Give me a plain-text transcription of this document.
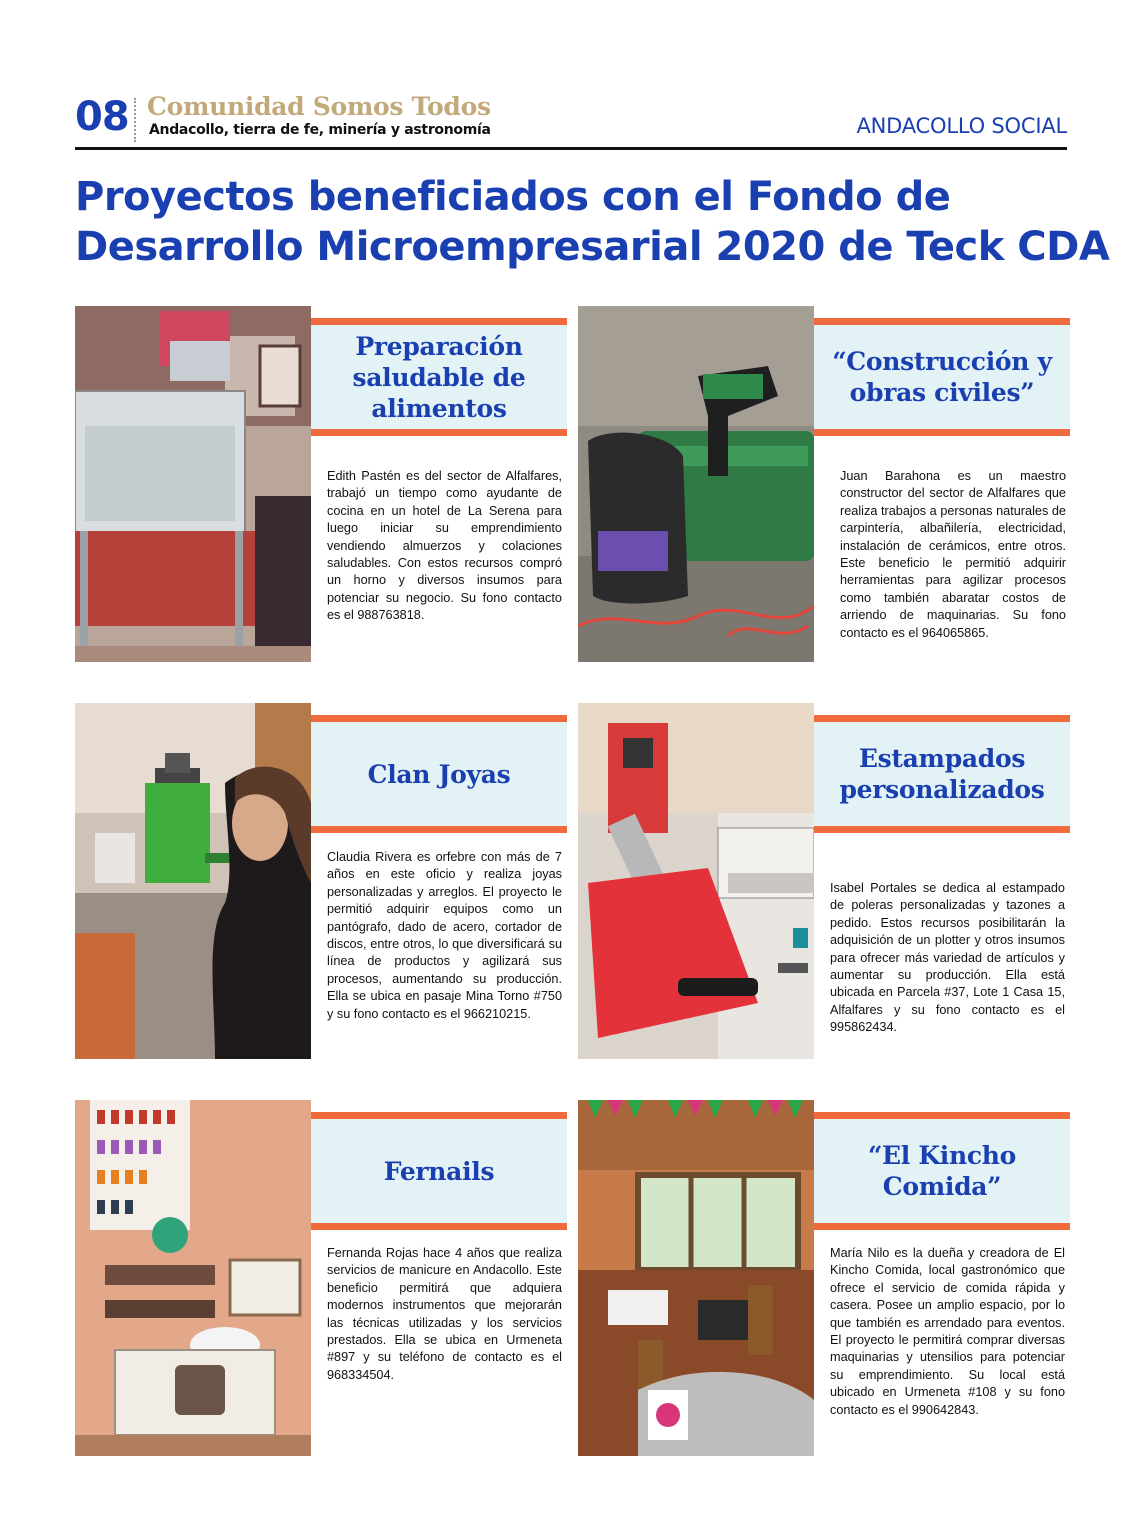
08 Comunidad Somos Todos
Andacollo, tierra de fe, minería y astronomía	ANDACOLLO SOCIAL
Proyectos beneficiados con el Fondo de
Desarrollo Microempresarial 2020 de Teck CDA
Preparación saludable de alimentos
Edith Pastén es del sector de Alfalfares, trabajó un tiempo como ayudante de cocina en un hotel de La Serena para luego iniciar su emprendimiento vendiendo almuerzos y colaciones saludables. Con estos recursos compró un horno y diversos insumos para potenciar su negocio. Su fono contacto es el 988763818.
“Construcción y obras civiles”
Juan Barahona es un maestro constructor del sector de Alfalfares que realiza trabajos a personas naturales de carpintería, albañilería, electricidad, instalación de cerámicos, entre otros. Este beneficio le permitió adquirir herramientas para agilizar procesos como también abaratar costos de arriendo de maquinarias. Su fono contacto es el 964065865.
Clan Joyas
Claudia Rivera es orfebre con más de 7 años en este oficio y realiza joyas personalizadas y arreglos. El proyecto le permitió adquirir equipos como un pantógrafo, dado de acero, cortador de discos, entre otros, lo que diversificará su línea de productos y agilizará sus procesos, aumentando su producción. Ella se ubica en pasaje Mina Torno #750 y su fono contacto es el 966210215.
Estampados personalizados
Isabel Portales se dedica al estampado de poleras personalizadas y tazones a pedido. Estos recursos posibilitarán la adquisición de un plotter y otros insumos para ofrecer más variedad de artículos y aumentar su producción. Ella está ubicada en Parcela #37, Lote 1 Casa 15, Alfalfares y su fono contacto es el 995862434.
Fernails
Fernanda Rojas hace 4 años que realiza servicios de manicure en Andacollo. Este beneficio permitirá que adquiera modernos instrumentos que mejorarán las técnicas utilizadas y los servicios prestados. Ella se ubica en Urmeneta #897 y su teléfono de contacto es el 968334504.
“El Kincho Comida”
María Nilo es la dueña y creadora de El Kincho Comida, local gastronómico que ofrece el servicio de comida rápida y casera. Posee un amplio espacio, por lo que también es arrendado para eventos. El proyecto le permitirá comprar diversas maquinarias y utensilios para potenciar su emprendimiento. Su local está ubicado en Urmeneta #108 y su fono contacto es el 990642843.
